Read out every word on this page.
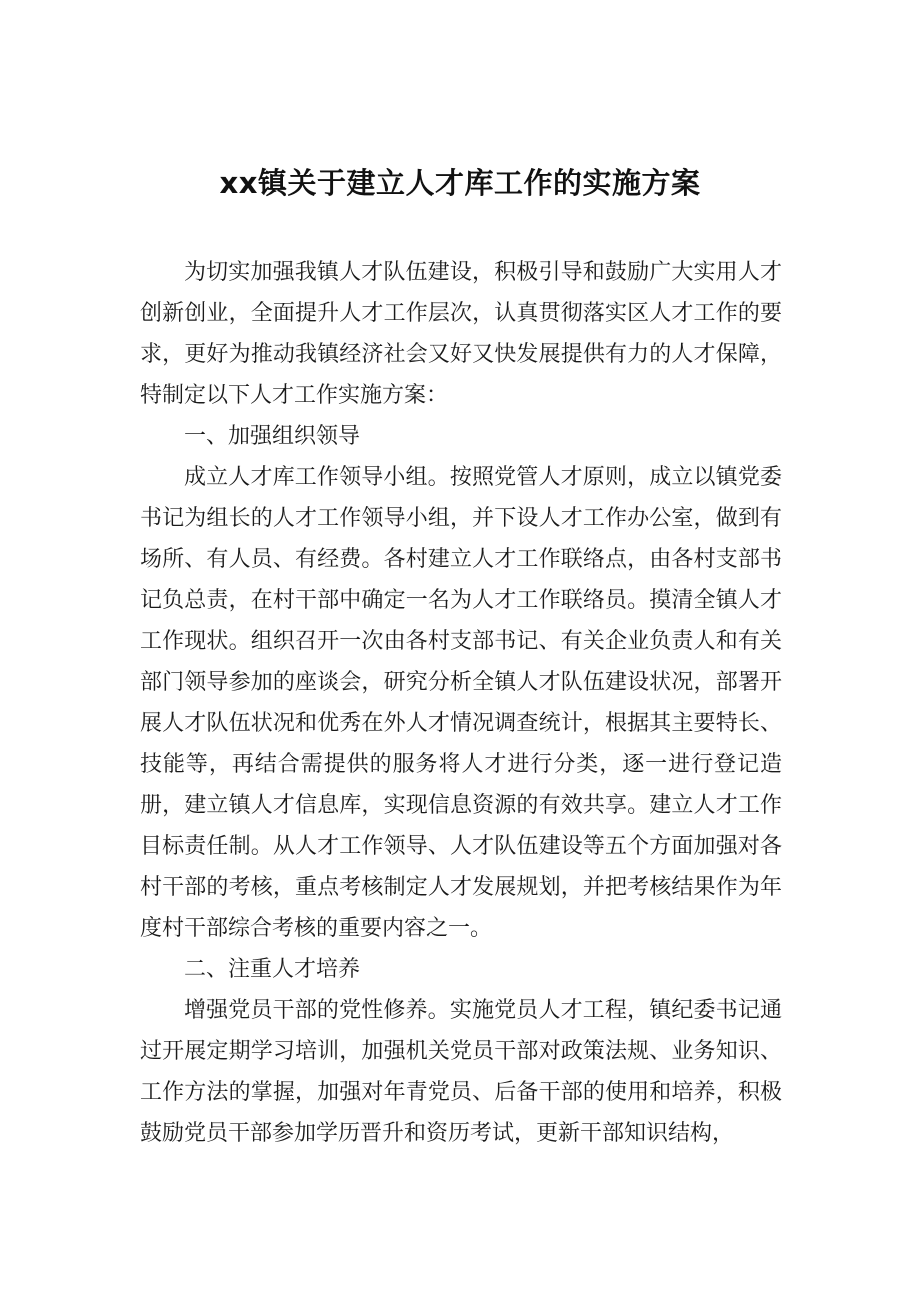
xx镇关于建立人才库工作的实施方案

为切实加强我镇人才队伍建设，积极引导和鼓励广大实用人才创新创业，全面提升人才工作层次，认真贯彻落实区人才工作的要求，更好为推动我镇经济社会又好又快发展提供有力的人才保障，特制定以下人才工作实施方案：

一、加强组织领导

成立人才库工作领导小组。按照党管人才原则，成立以镇党委书记为组长的人才工作领导小组，并下设人才工作办公室，做到有场所、有人员、有经费。各村建立人才工作联络点，由各村支部书记负总责，在村干部中确定一名为人才工作联络员。摸清全镇人才工作现状。组织召开一次由各村支部书记、有关企业负责人和有关部门领导参加的座谈会，研究分析全镇人才队伍建设状况，部署开展人才队伍状况和优秀在外人才情况调查统计，根据其主要特长、技能等，再结合需提供的服务将人才进行分类，逐一进行登记造册，建立镇人才信息库，实现信息资源的有效共享。建立人才工作目标责任制。从人才工作领导、人才队伍建设等五个方面加强对各村干部的考核，重点考核制定人才发展规划，并把考核结果作为年度村干部综合考核的重要内容之一。

二、注重人才培养

增强党员干部的党性修养。实施党员人才工程，镇纪委书记通过开展定期学习培训，加强机关党员干部对政策法规、业务知识、工作方法的掌握，加强对年青党员、后备干部的使用和培养，积极鼓励党员干部参加学历晋升和资历考试，更新干部知识结构，
